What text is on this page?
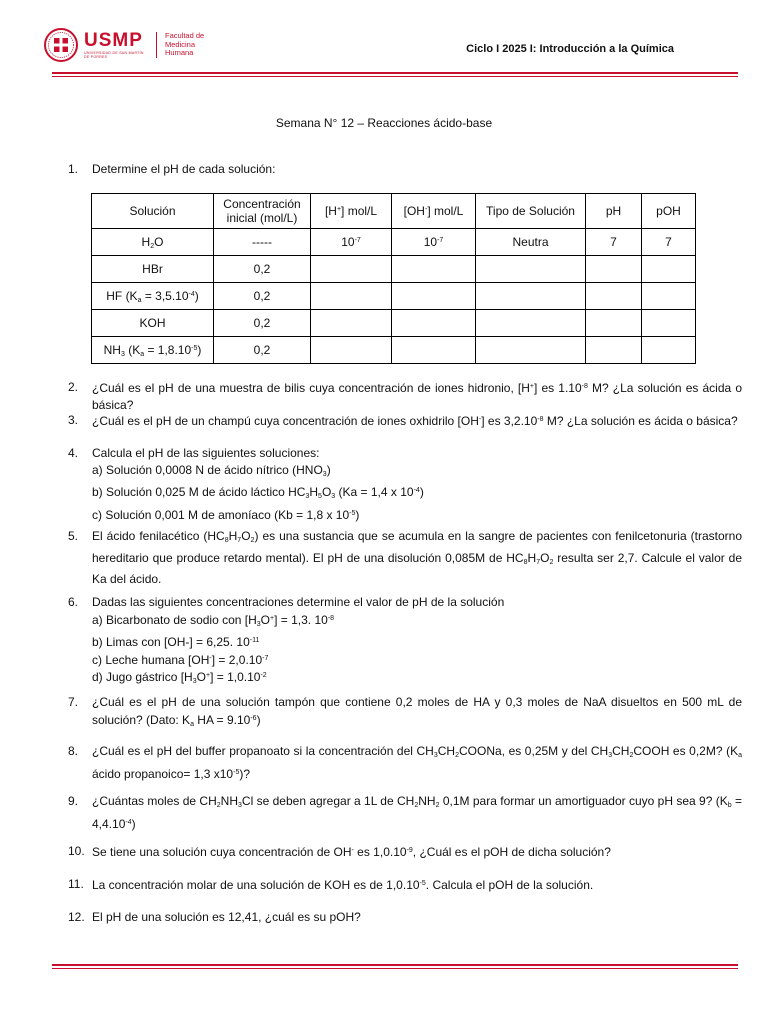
USMP
UNIVERSIDAD DE SAN MARTÍN DE PORRES
Facultad de
Medicina
Humana	Ciclo I 2025 I: Introducción a la Química
Semana N° 12 – Reacciones ácido-base
1. Determine el pH de cada solución:
Solución	Concentración inicial (mol/L)	[H+] mol/L	[OH-] mol/L	Tipo de Solución	pH	pOH
$H_2O$	-----	$10^{-7}$	$10^{-7}$	Neutra	7	7
HBr	0,2					
HF $(K_a = 3,5.10^{-4})$	0,2					
KOH	0,2					
$NH_3$ $(K_a = 1,8.10^{-5})$	0,2					
2. ¿Cuál es el pH de una muestra de bilis cuya concentración de iones hidronio, [H+] es $1.10^{-8}$ M? ¿La solución es ácida o básica?
3. ¿Cuál es el pH de un champú cuya concentración de iones oxhidrilo [OH-] es $3,2.10^{-8}$ M? ¿La solución es ácida o básica?
4. Calcula el pH de las siguientes soluciones:
a) Solución 0,0008 N de ácido nítrico $(HNO_3)$
b) Solución 0,025 M de ácido láctico $HC_3H_5O_3$ (Ka = 1,4 x $10^{-4}$)
c) Solución 0,001 M de amoníaco (Kb = 1,8 x $10^{-5}$)
5. El ácido fenilacético $(HC_8H_7O_2)$ es una sustancia que se acumula en la sangre de pacientes con fenilcetonuria (trastorno hereditario que produce retardo mental). El pH de una disolución 0,085M de $HC_8H_7O_2$ resulta ser 2,7. Calcule el valor de Ka del ácido.
6. Dadas las siguientes concentraciones determine el valor de pH de la solución
a) Bicarbonato de sodio con $[H_3O^+] = 1,3$. $10^{-8}$
b) Limas con [OH-] = 6,25. $10^{-11}$
c) Leche humana $[OH^-] = 2,0.10^{-7}$
d) Jugo gástrico $[H_3O^+] = 1,0.10^{-2}$
7. ¿Cuál es el pH de una solución tampón que contiene 0,2 moles de HA y 0,3 moles de NaA disueltos en 500 mL de solución? (Dato: $K_a$ HA = $9.10^{-6}$)
8. ¿Cuál es el pH del buffer propanoato si la concentración del $CH_3CH_2COONa$, es 0,25M y del $CH_3CH_2COOH$ es 0,2M? ($K_a$ ácido propanoico= 1,3 $x10^{-5}$)?
9. ¿Cuántas moles de $CH_2NH_3Cl$ se deben agregar a 1L de $CH_2NH_2$ 0,1M para formar un amortiguador cuyo pH sea 9? $(K_b = 4,4.10^{-4})$
10. Se tiene una solución cuya concentración de OH- es $1,0.10^{-9}$, ¿Cuál es el pOH de dicha solución?
11. La concentración molar de una solución de KOH es de $1,0.10^{-5}$. Calcula el pOH de la solución.
12. El pH de una solución es 12,41, ¿cuál es su pOH?
